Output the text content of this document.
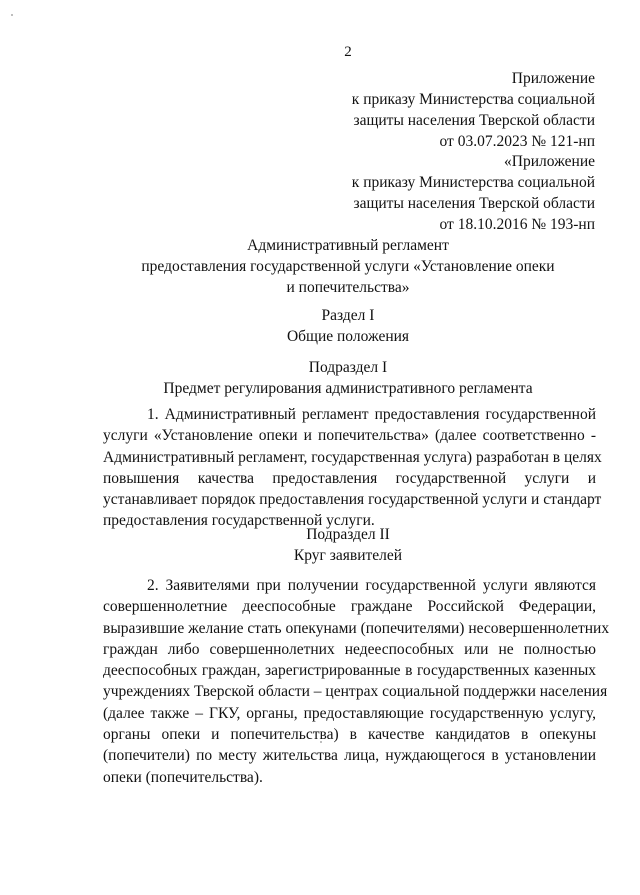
2
Приложение
к приказу Министерства социальной
защиты населения Тверской области
от 03.07.2023 № 121-нп
«Приложение
к приказу Министерства социальной
защиты населения Тверской области
от 18.10.2016 № 193-нп
Административный регламент
предоставления государственной услуги «Установление опеки
и попечительства»
Раздел I
Общие положения
Подраздел I
Предмет регулирования административного регламента
1. Административный регламент предоставления государственной
услуги «Установление опеки и попечительства» (далее соответственно -
Административный регламент, государственная услуга) разработан в целях
повышения качества предоставления государственной услуги и
устанавливает порядок предоставления государственной услуги и стандарт
предоставления государственной услуги.
Подраздел II
Круг заявителей
2. Заявителями при получении государственной услуги являются
совершеннолетние дееспособные граждане Российской Федерации,
выразившие желание стать опекунами (попечителями) несовершеннолетних
граждан либо совершеннолетних недееспособных или не полностью
дееспособных граждан, зарегистрированные в государственных казенных
учреждениях Тверской области – центрах социальной поддержки населения
(далее также – ГКУ, органы, предоставляющие государственную услугу,
органы опеки и попечительства) в качестве кандидатов в опекуны
(попечители) по месту жительства лица, нуждающегося в установлении
опеки (попечительства).
